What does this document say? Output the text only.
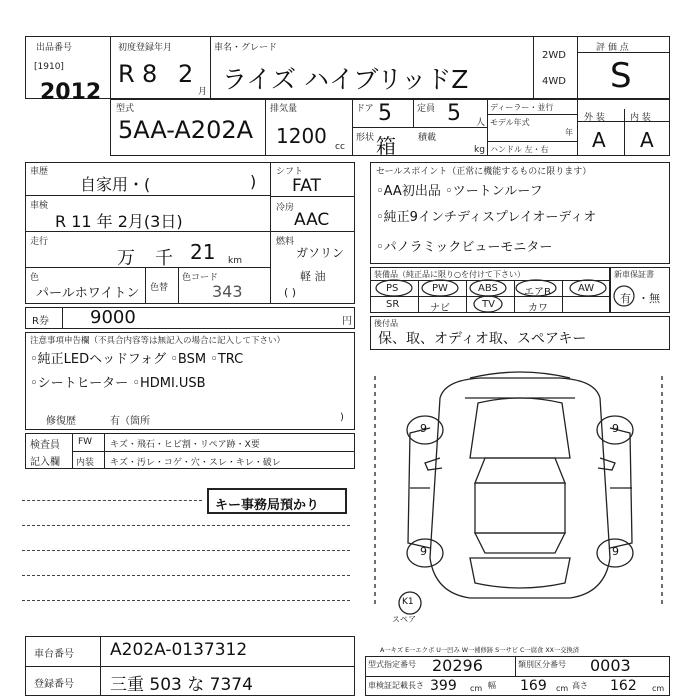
出品番号
[1910]
2012
初度登録年月
R 8 2
月
車名・グレード
ライズ ハイブリッドZ
2WD
4WD
評 価 点
S
型式
5AA-A202A
排気量
1200 cc
ドア 5	定員 5 人
形状 箱 積載
kg
ディーラー・並行
モデル年式
年
ハンドル 左・右
外 装	内 装
A A
車歴
自家用・(	)
車検
R 11 年 2月(3日)
走行
万 千 21 km
色
パールホワイトン 色替
色コード
343
シフト
FAT
冷房
AAC
燃料
ガソリン
軽 油
( )
R券 9000	円
注意事項申告欄（不具合内容等は無記入の場合に記入して下さい）
◦純正LEDヘッドフォグ ◦BSM ◦TRC
◦シートヒーター ◦HDMI.USB
修復歴	有（箇所	)
検査員
記入欄
FW キズ・飛石・ヒビ割・リペア跡・X要
内装 キズ・汚レ・コゲ・穴・スレ・キレ・破レ
キー事務局預かり
セールスポイント（正常に機能するものに限ります）
◦AA初出品 ◦ツートンルーフ
◦純正9インチディスプレイオーディオ
◦パノラミックビューモニター
装備品（純正品に限り○を付けて下さい）	新車保証書
PS	PW	ABS	エアB	AW
SR	ナビ	TV	カワ
有 ・無
後付品
保、取、オディオ取、スペアキー
9	9
9	9
K1
スペア
A一キズ E一エクボ U一凹み W一補修跡 S一サビ C一腐食 XX一交換済
車台番号 A202A-0137312
登録番号 三重 503 な 7374
型式指定番号 20296	類別区分番号 0003
車検証記載 長さ 399 cm 幅 169 cm 高さ 162 cm
